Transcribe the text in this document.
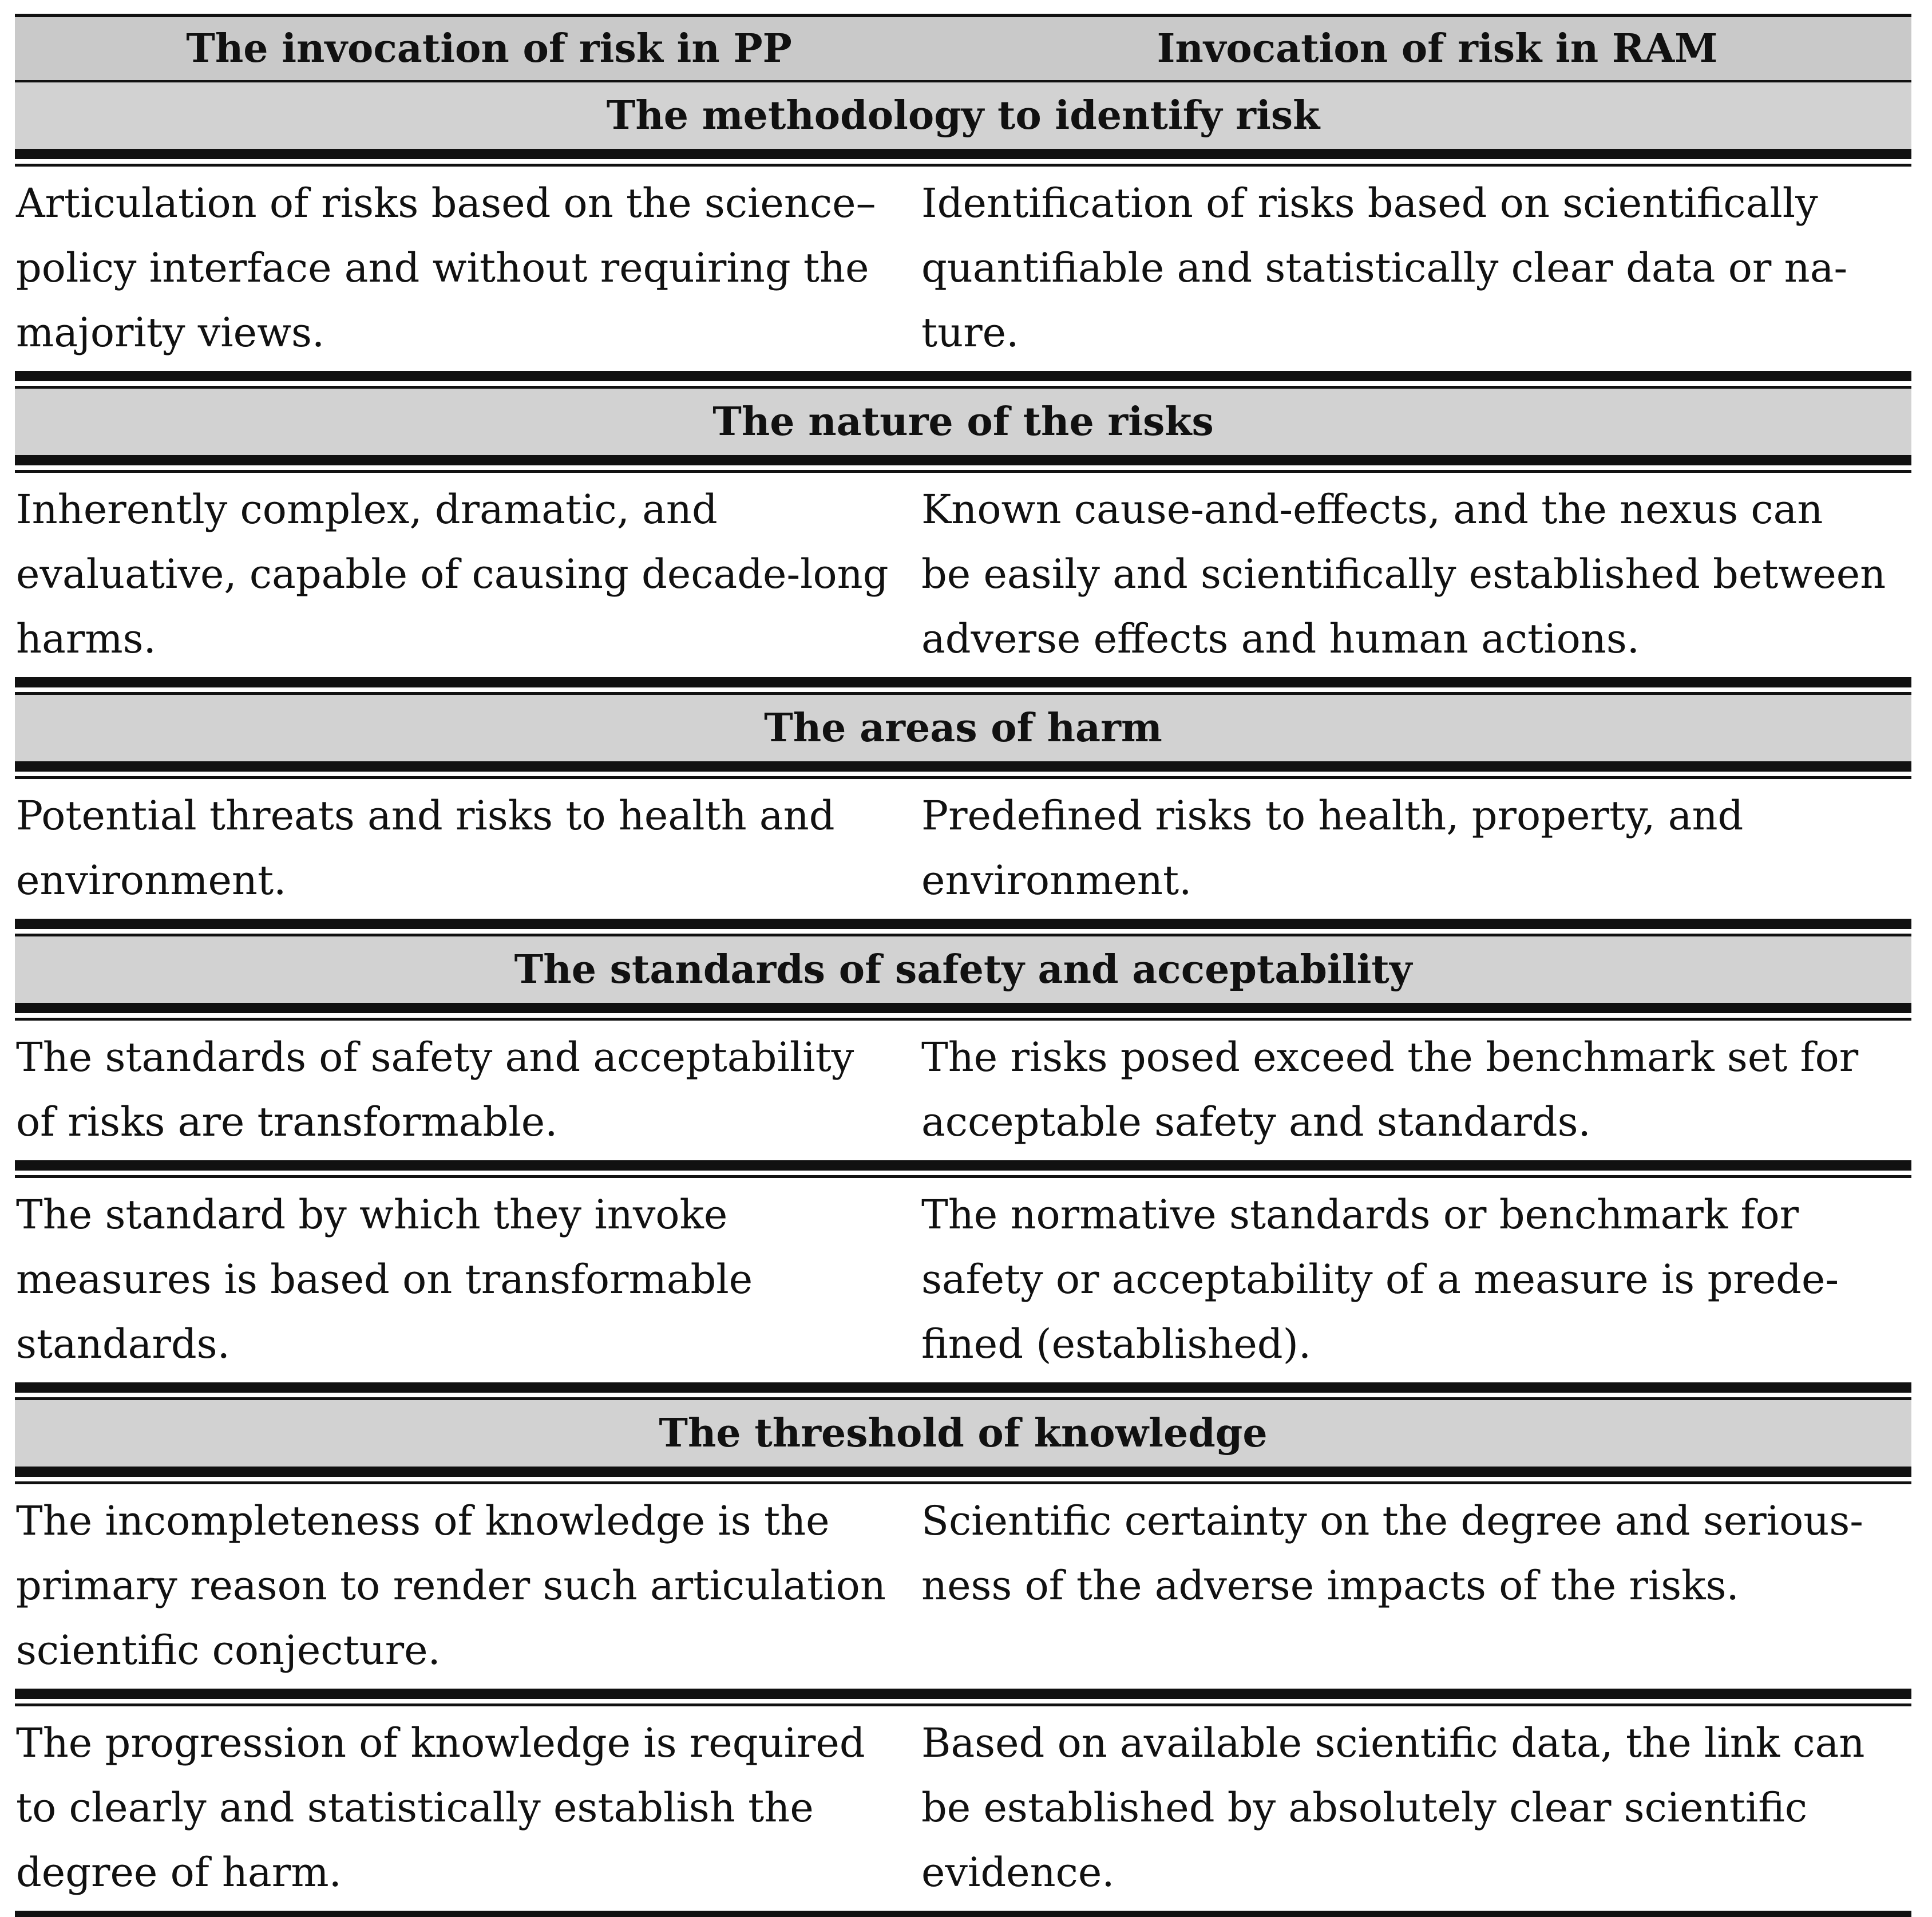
The invocation of risk in PP	Invocation of risk in RAM
The methodology to identify risk
Articulation of risks based on the science–
policy interface and without requiring the
majority views.
Identification of risks based on scientifically
quantifiable and statistically clear data or na-
ture.
The nature of the risks
Inherently complex, dramatic, and
evaluative, capable of causing decade-long
harms.
Known cause-and-effects, and the nexus can
be easily and scientifically established between
adverse effects and human actions.
The areas of harm
Potential threats and risks to health and
environment.
Predefined risks to health, property, and
environment.
The standards of safety and acceptability
The standards of safety and acceptability
of risks are transformable.
The risks posed exceed the benchmark set for
acceptable safety and standards.
The standard by which they invoke
measures is based on transformable
standards.
The normative standards or benchmark for
safety or acceptability of a measure is prede-
fined (established).
The threshold of knowledge
The incompleteness of knowledge is the
primary reason to render such articulation
scientific conjecture.
Scientific certainty on the degree and serious-
ness of the adverse impacts of the risks.
The progression of knowledge is required
to clearly and statistically establish the
degree of harm.
Based on available scientific data, the link can
be established by absolutely clear scientific
evidence.
